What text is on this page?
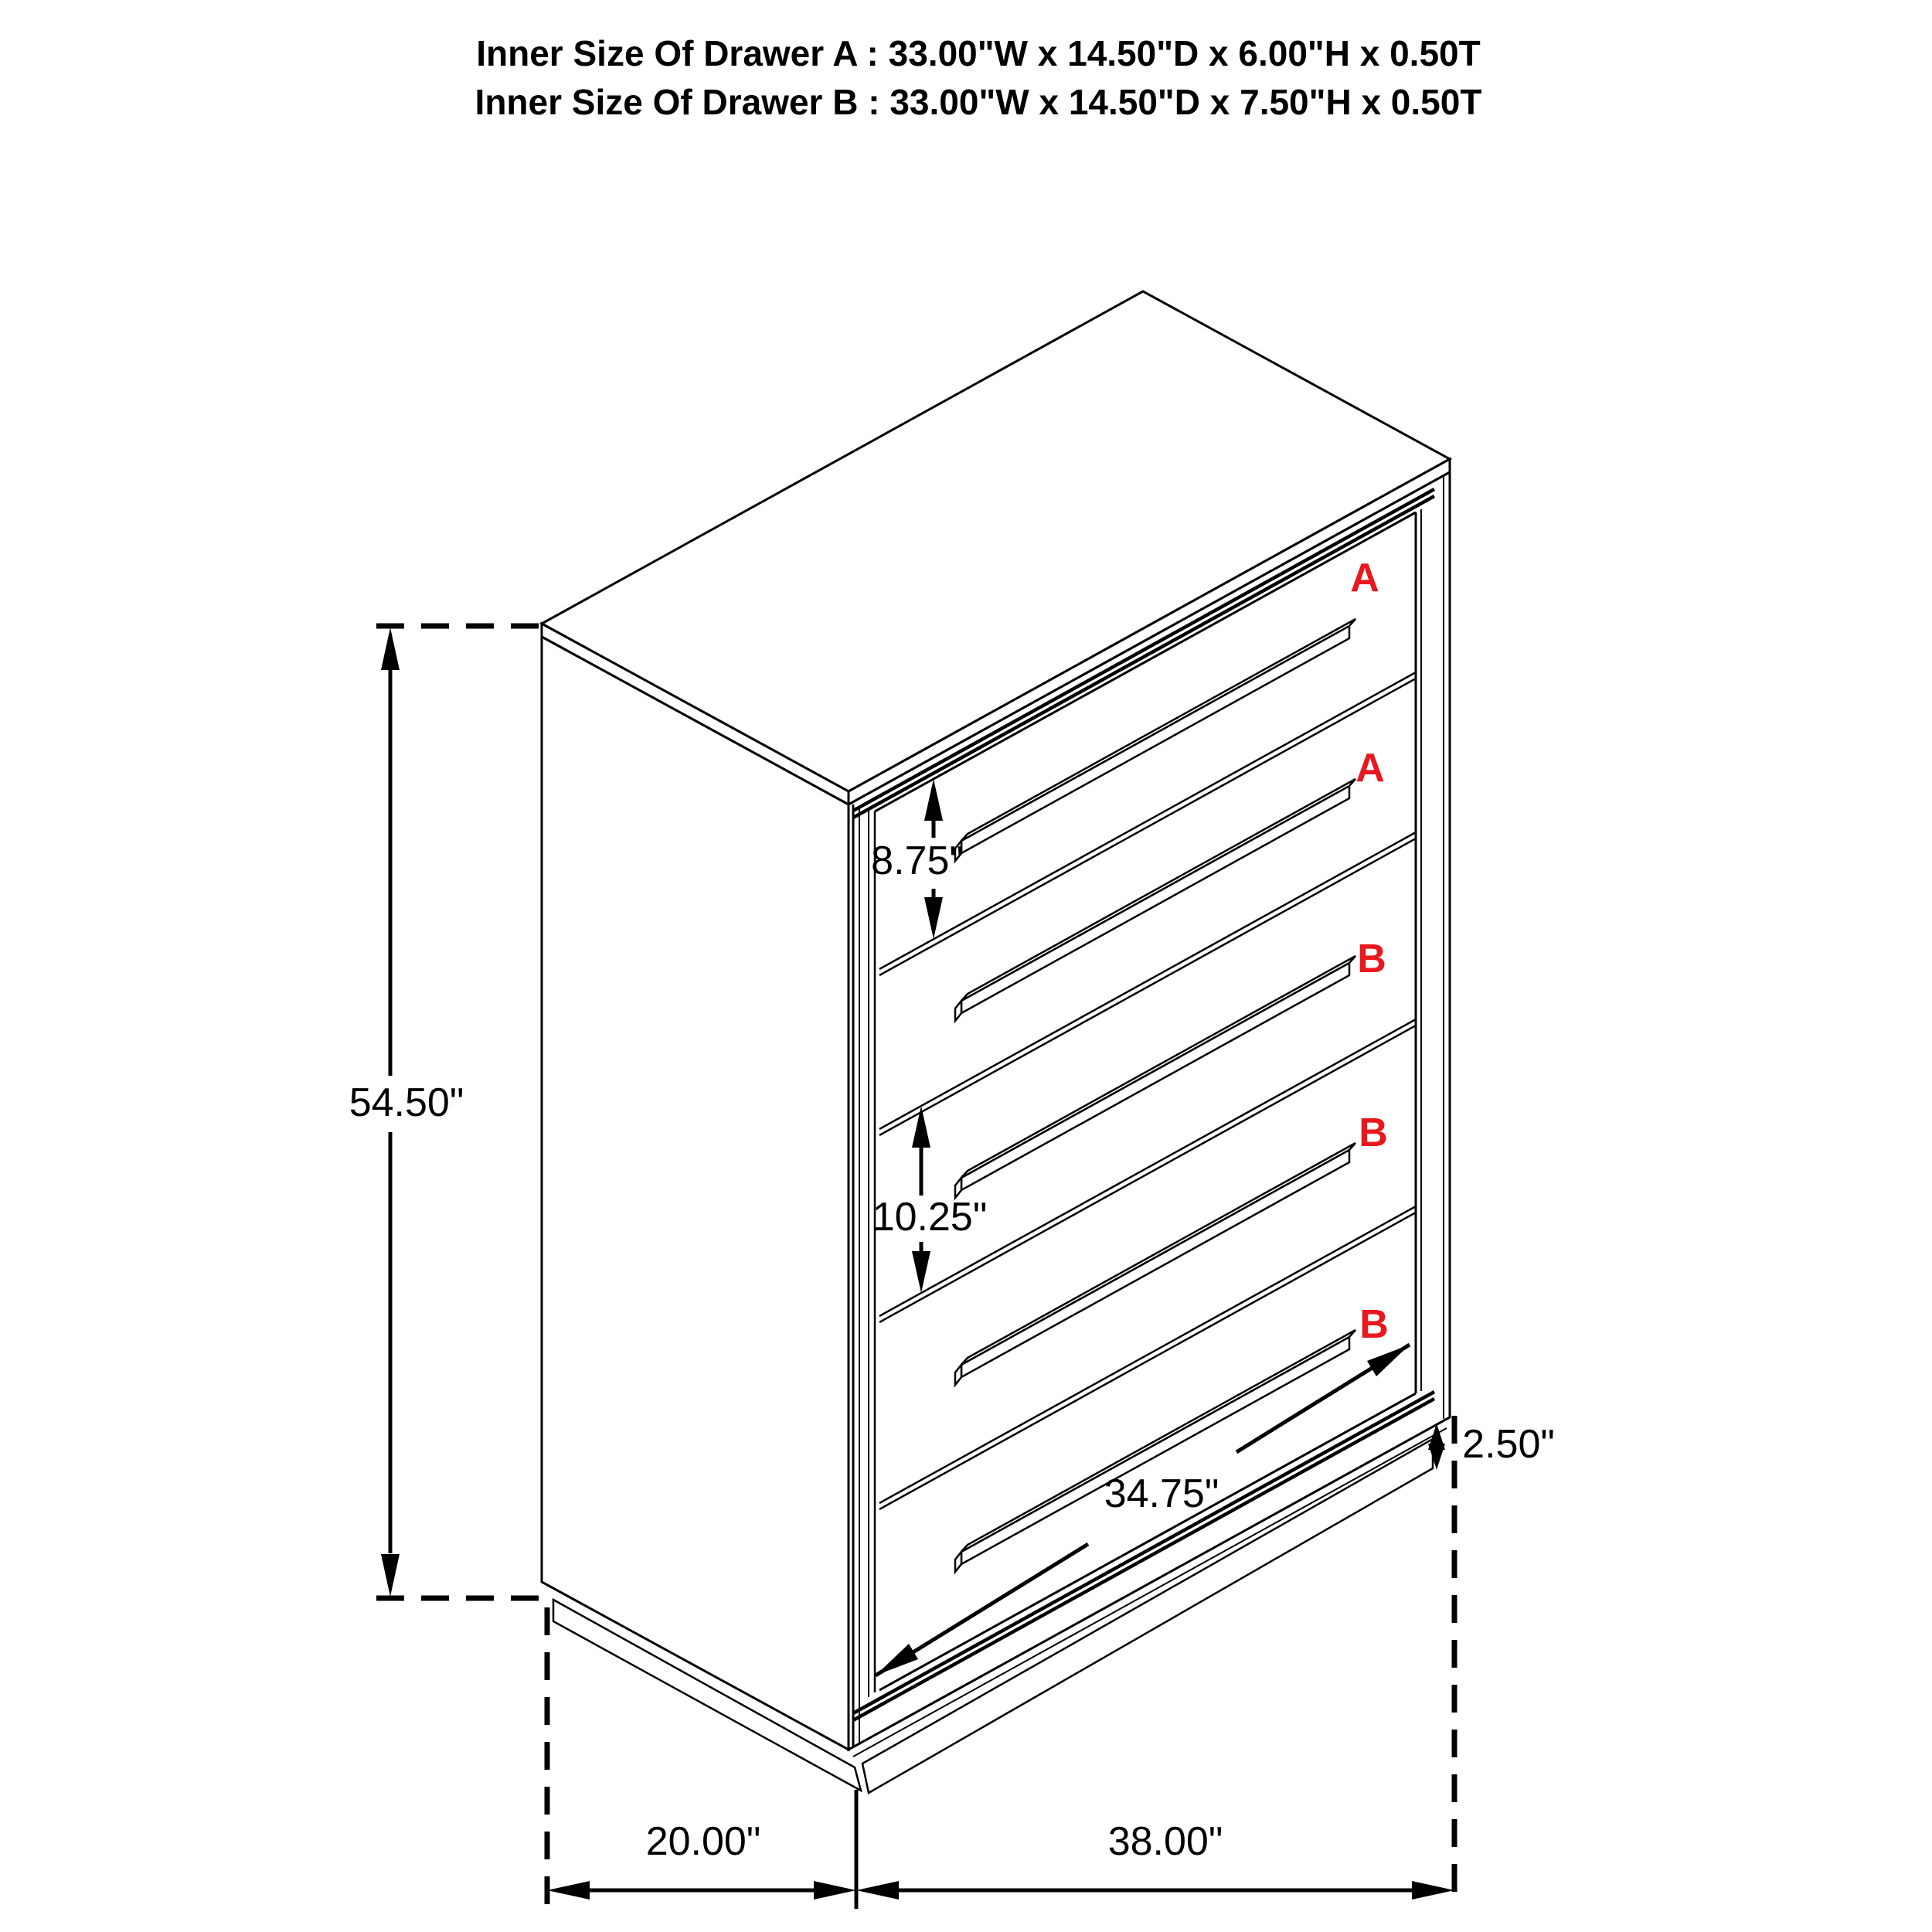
Inner Size Of Drawer A : 33.00"W x 14.50"D x 6.00"H x 0.50T
Inner Size Of Drawer B : 33.00"W x 14.50"D x 7.50"H x 0.50T
A
A
B
B
B
54.50"
8.75"
10.25"
2.50"
34.75"
20.00"	38.00"
